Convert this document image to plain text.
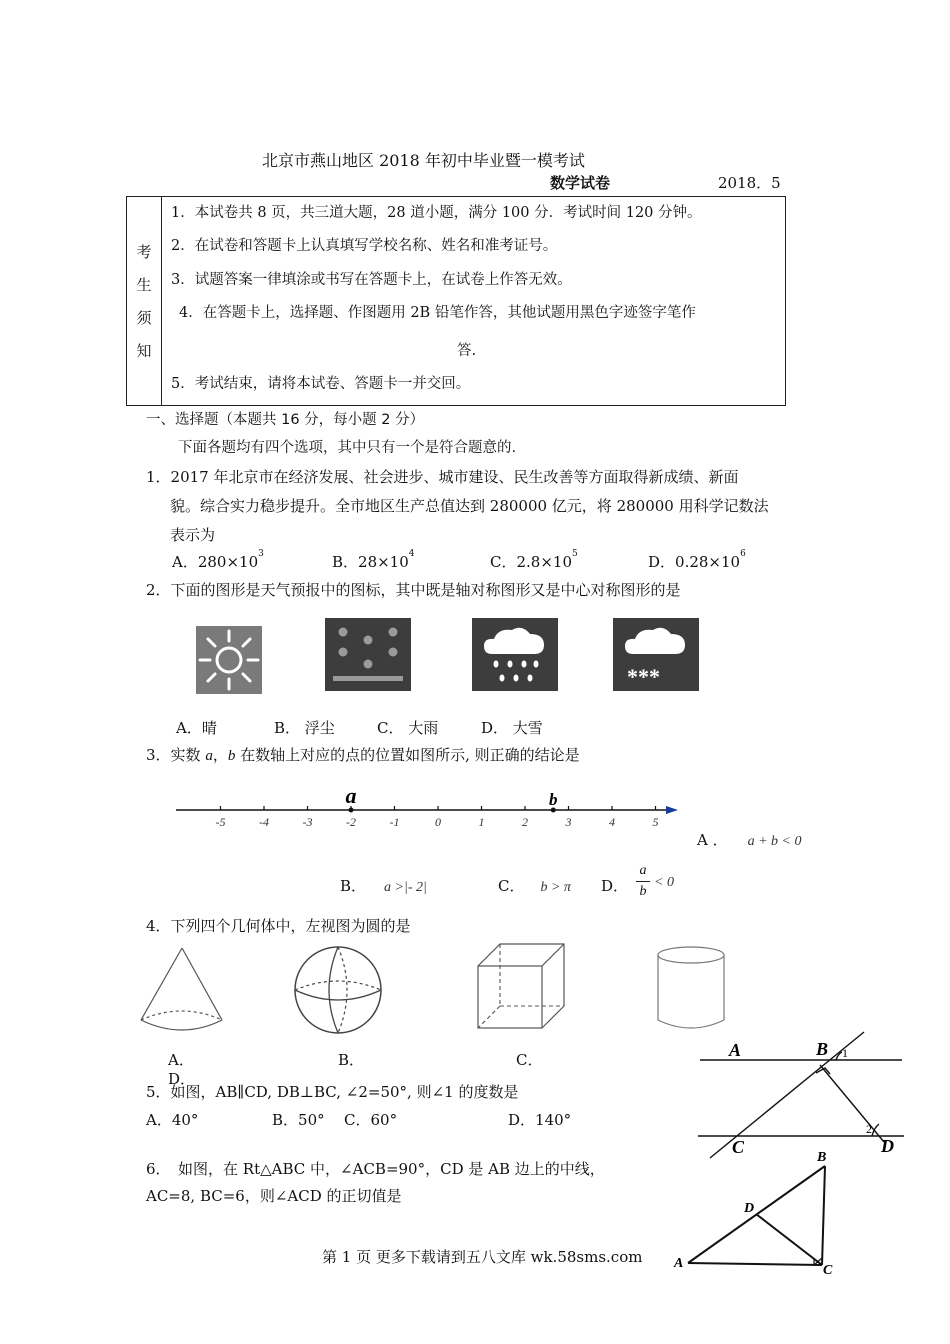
北京市燕山地区 2018 年初中毕业暨一模考试
数学试卷	2018．5
考
生
须
知
1．本试卷共 8 页，共三道大题，28 道小题，满分 100 分．考试时间 120 分钟。
2．在试卷和答题卡上认真填写学校名称、姓名和准考证号。
3．试题答案一律填涂或书写在答题卡上，在试卷上作答无效。
4．在答题卡上，选择题、作图题用 2B 铅笔作答，其他试题用黑色字迹签字笔作
答.
5．考试结束，请将本试卷、答题卡一并交回。
一、选择题（本题共 16 分，每小题 2 分）
下面各题均有四个选项，其中只有一个是符合题意的.
1．2017 年北京市在经济发展、社会进步、城市建设、民生改善等方面取得新成绩、新面
貌。综合实力稳步提升。全市地区生产总值达到 280000 亿元，将 280000 用科学记数法
表示为
A．$280\times 10^3$	B．$28\times 10^4$	C．$2.8\times 10^5$	D．$0.28\times 10^6$
2．下面的图形是天气预报中的图标，其中既是轴对称图形又是中心对称图形的是
***
A．晴	B． 浮尘	C． 大雨	D． 大雪
3．实数 a，b 在数轴上对应的点的位置如图所示, 则正确的结论是
-5	-4	-3	-2	-1	0	1	2	3	4	5
a	b
A ． a + b < 0
B． a >|- 2|	C． b > π D．
a
b
< 0
4．下列四个几何体中，左视图为圆的是
A．
D．
B．	C．
5．如图，AB∥CD, DB⊥BC, ∠2=50°, 则∠1 的度数是
A．40°	B．50° C．60°	D．140°
A	B 1
C
2
D
6．　如图，在 Rt△ABC 中，∠ACB=90°，CD 是 AB 边上的中线，
AC=8, BC=6，则∠ACD 的正切值是
B
D
A	C
第 1 页 更多下载请到五八文库 wk.58sms.com
